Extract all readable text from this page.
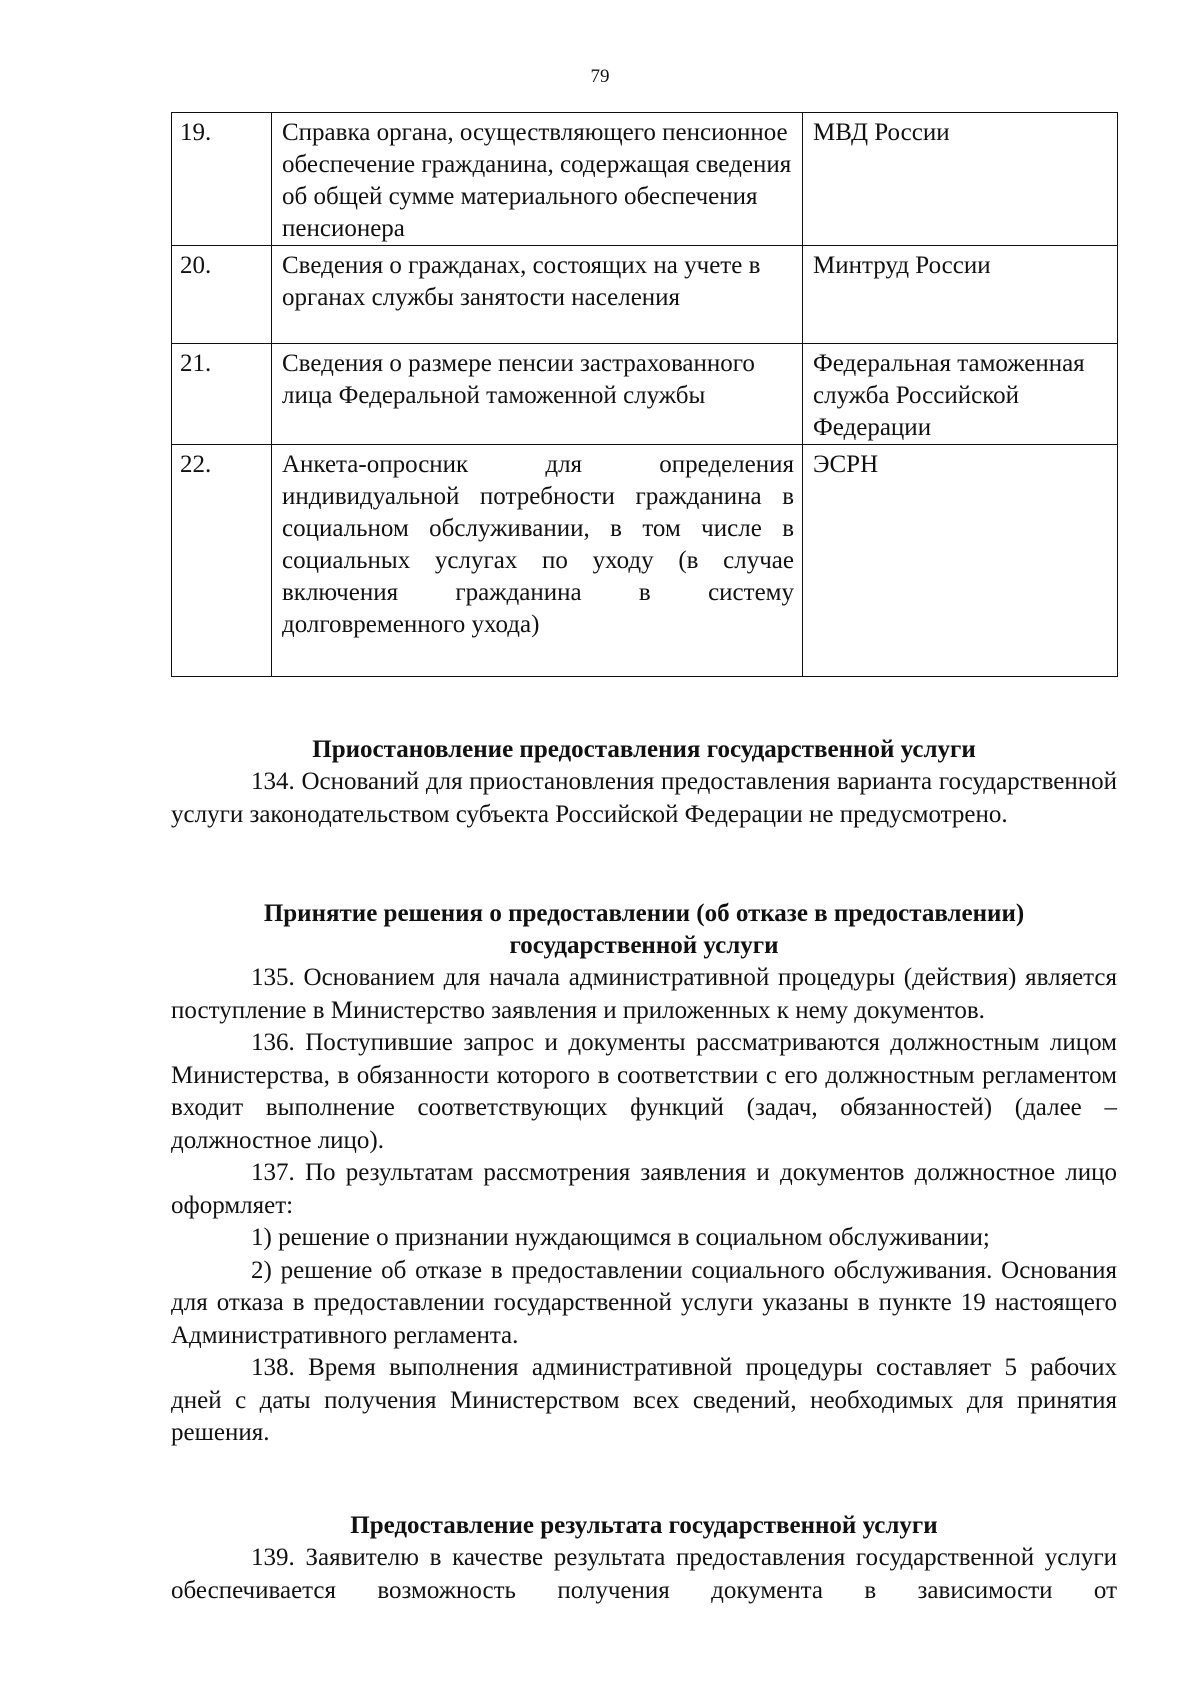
79
19.	Справка органа, осуществляющего пенсионное обеспечение гражданина, содержащая сведения об общей сумме материального обеспечения пенсионера	МВД России
20.	Сведения о гражданах, состоящих на учете в органах службы занятости населения	Минтруд России
21.	Сведения о размере пенсии застрахованного лица Федеральной таможенной службы	Федеральная таможенная служба Российской Федерации
22.	Анкета-опросник для определения индивидуальной потребности гражданина в социальном обслуживании, в том числе в социальных услугах по уходу (в случае включения гражданина в систему долговременного ухода)	ЭСРН

Приостановление предоставления государственной услуги

134. Оснований для приостановления предоставления варианта государственной услуги законодательством субъекта Российской Федерации не предусмотрено.

Принятие решения о предоставлении (об отказе в предоставлении)

государственной услуги

135. Основанием для начала административной процедуры (действия) является поступление в Министерство заявления и приложенных к нему документов.

136. Поступившие запрос и документы рассматриваются должностным лицом Министерства, в обязанности которого в соответствии с его должностным регламентом входит выполнение соответствующих функций (задач, обязанностей) (далее – должностное лицо).

137. По результатам рассмотрения заявления и документов должностное лицо оформляет:

1) решение о признании нуждающимся в социальном обслуживании;

2) решение об отказе в предоставлении социального обслуживания. Основания для отказа в предоставлении государственной услуги указаны в пункте 19 настоящего Административного регламента.

138. Время выполнения административной процедуры составляет 5 рабочих дней с даты получения Министерством всех сведений, необходимых для принятия решения.

Предоставление результата государственной услуги

139. Заявителю в качестве результата предоставления государственной услуги обеспечивается возможность получения документа в зависимости от
